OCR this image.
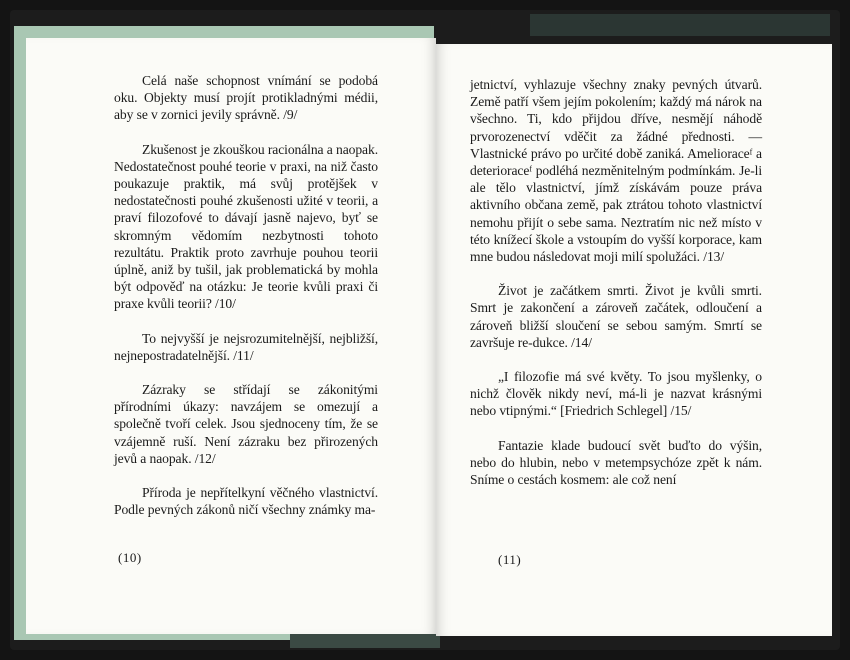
Celá naše schopnost vnímání se podobá oku. Objekty musí projít protikladnými médii, aby se v zornici jevily správně. /9/

Zkušenost je zkouškou racionálna a naopak. Nedostatečnost pouhé teorie v praxi, na niž často poukazuje praktik, má svůj protějšek v nedostatečnosti pouhé zkušenosti užité v teorii, a praví filozofové to dávají jasně najevo, byť se skromným vědomím nezbytnosti tohoto rezultátu. Praktik proto zavrhuje pouhou teorii úplně, aniž by tušil, jak problematická by mohla být odpověď na otázku: Je teorie kvůli praxi či praxe kvůli teorii? /10/

To nejvyšší je nejsrozumitelnější, nejbližší, nejnepostradatelnější. /11/

Zázraky se střídají se zákonitými přírodními úkazy: navzájem se omezují a společně tvoří celek. Jsou sjednoceny tím, že se vzájemně ruší. Není zázraku bez přirozených jevů a naopak. /12/

Příroda je nepřítelkyní věčného vlastnictví. Podle pevných zákonů ničí všechny známky ma-

(10)

jetnictví, vyhlazuje všechny znaky pevných útvarů. Země patří všem jejím pokolením; každý má nárok na všechno. Ti, kdo přijdou dříve, nesmějí náhodě prvorozenectví vděčit za žádné přednosti. — Vlastnické právo po určité době zaniká. Amelioraceᶠ a deterioraceᶠ podléhá nezměnitelným podmínkám. Je-li ale tělo vlastnictví, jímž získávám pouze práva aktivního občana země, pak ztrátou tohoto vlastnictví nemohu přijít o sebe sama. Neztratím nic než místo v této knížecí škole a vstoupím do vyšší korporace, kam mne budou následovat moji milí spolužáci. /13/

Život je začátkem smrti. Život je kvůli smrti. Smrt je zakončení a zároveň začátek, odloučení a zároveň bližší sloučení se sebou samým. Smrtí se završuje re-dukce. /14/

„I filozofie má své květy. To jsou myšlenky, o nichž člověk nikdy neví, má-li je nazvat krásnými nebo vtipnými.“ [Friedrich Schlegel] /15/

Fantazie klade budoucí svět buďto do výšin, nebo do hlubin, nebo v metempsychóze zpět k nám. Snímе o cestách kosmem: ale což není

(11)
